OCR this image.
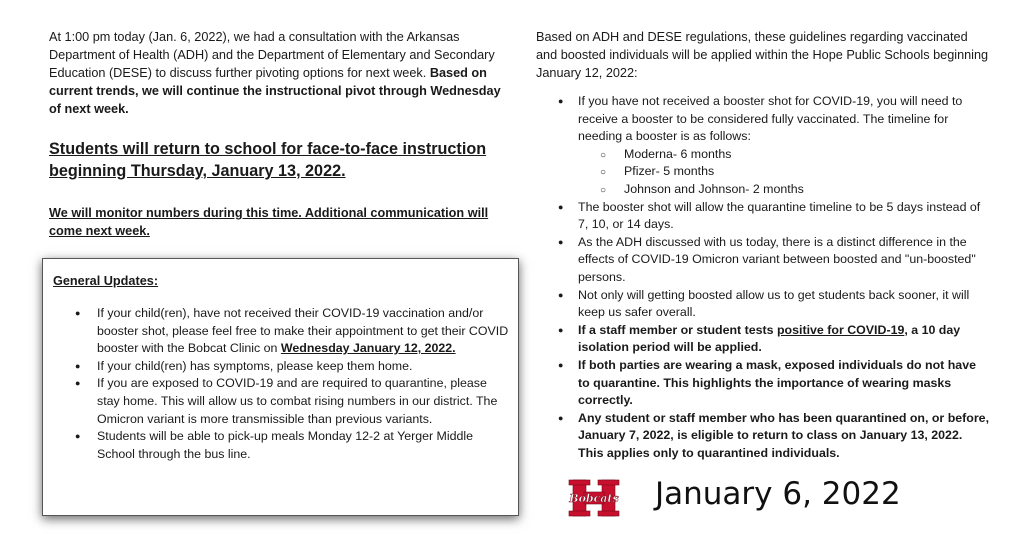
At 1:00 pm today (Jan. 6, 2022), we had a consultation with the Arkansas Department of Health (ADH) and the Department of Elementary and Secondary Education (DESE) to discuss further pivoting options for next week. Based on current trends, we will continue the instructional pivot through Wednesday of next week.

Students will return to school for face-to-face instruction beginning Thursday, January 13, 2022.
We will monitor numbers during this time. Additional communication will come next week.
General Updates:
● If your child(ren), have not received their COVID-19 vaccination and/or booster shot, please feel free to make their appointment to get their COVID booster with the Bobcat Clinic on Wednesday January 12, 2022.
● If your child(ren) has symptoms, please keep them home.
● If you are exposed to COVID-19 and are required to quarantine, please stay home. This will allow us to combat rising numbers in our district. The Omicron variant is more transmissible than previous variants.
● Students will be able to pick-up meals Monday 12-2 at Yerger Middle School through the bus line.

Based on ADH and DESE regulations, these guidelines regarding vaccinated and boosted individuals will be applied within the Hope Public Schools beginning January 12, 2022:

● If you have not received a booster shot for COVID-19, you will need to receive a booster to be considered fully vaccinated. The timeline for needing a booster is as follows:
○ Moderna- 6 months
○ Pfizer- 5 months
○ Johnson and Johnson- 2 months
● The booster shot will allow the quarantine timeline to be 5 days instead of 7, 10, or 14 days.
● As the ADH discussed with us today, there is a distinct difference in the effects of COVID-19 Omicron variant between boosted and "un-boosted" persons.
● Not only will getting boosted allow us to get students back sooner, it will keep us safer overall.
● If a staff member or student tests positive for COVID-19, a 10 day isolation period will be applied.
● If both parties are wearing a mask, exposed individuals do not have to quarantine. This highlights the importance of wearing masks correctly.
● Any student or staff member who has been quarantined on, or before, January 7, 2022, is eligible to return to class on January 13, 2022. This applies only to quarantined individuals.
Bobcats January 6, 2022
